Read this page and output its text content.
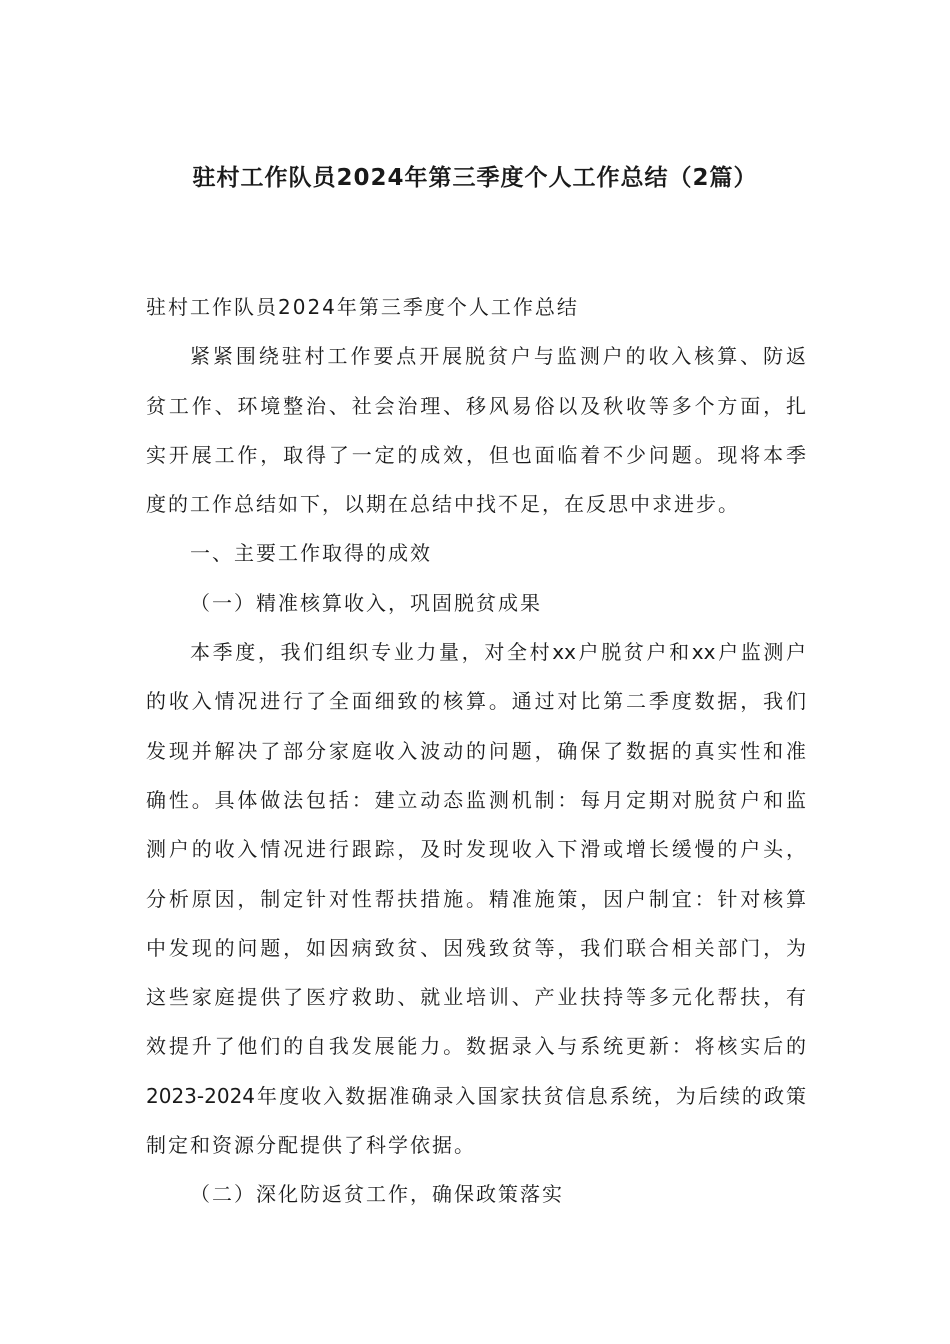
驻村工作队员2024年第三季度个人工作总结（2篇）

驻村工作队员2024年第三季度个人工作总结

紧紧围绕驻村工作要点开展脱贫户与监测户的收入核算、防返

贫工作、环境整治、社会治理、移风易俗以及秋收等多个方面，扎

实开展工作，取得了一定的成效，但也面临着不少问题。现将本季

度的工作总结如下，以期在总结中找不足，在反思中求进步。

一、主要工作取得的成效

（一）精准核算收入，巩固脱贫成果

本季度，我们组织专业力量，对全村xx户脱贫户和xx户监测户

的收入情况进行了全面细致的核算。通过对比第二季度数据，我们

发现并解决了部分家庭收入波动的问题，确保了数据的真实性和准

确性。具体做法包括：建立动态监测机制：每月定期对脱贫户和监

测户的收入情况进行跟踪，及时发现收入下滑或增长缓慢的户头，

分析原因，制定针对性帮扶措施。精准施策，因户制宜：针对核算

中发现的问题，如因病致贫、因残致贫等，我们联合相关部门，为

这些家庭提供了医疗救助、就业培训、产业扶持等多元化帮扶，有

效提升了他们的自我发展能力。数据录入与系统更新：将核实后的

2023-2024年度收入数据准确录入国家扶贫信息系统，为后续的政策

制定和资源分配提供了科学依据。

（二）深化防返贫工作，确保政策落实
